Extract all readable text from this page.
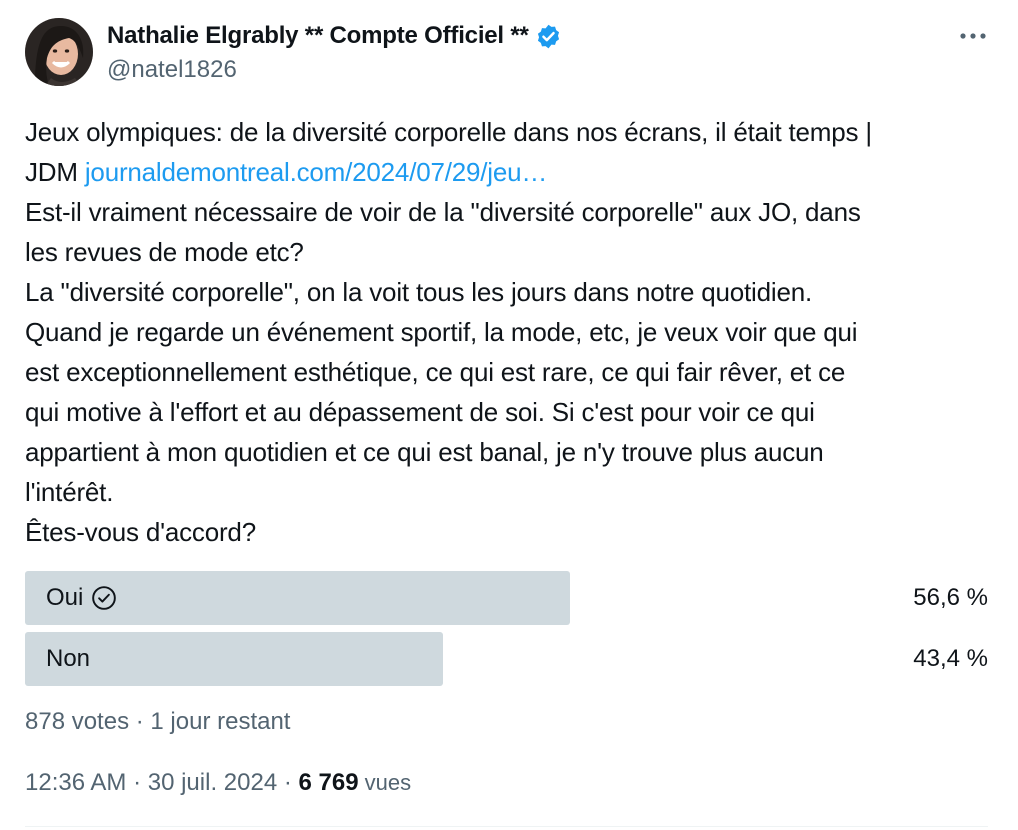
Nathalie Elgrably ** Compte Officiel **
@natel1826
Jeux olympiques: de la diversité corporelle dans nos écrans, il était temps |
JDM journaldemontreal.com/2024/07/29/jeu…
Est-il vraiment nécessaire de voir de la "diversité corporelle" aux JO, dans
les revues de mode etc?
La "diversité corporelle", on la voit tous les jours dans notre quotidien.
Quand je regarde un événement sportif, la mode, etc, je veux voir que qui
est exceptionnellement esthétique, ce qui est rare, ce qui fair rêver, et ce
qui motive à l'effort et au dépassement de soi. Si c'est pour voir ce qui
appartient à mon quotidien et ce qui est banal, je n'y trouve plus aucun
l'intérêt.
Êtes-vous d'accord?
Oui	56,6 %
Non	43,4 %
878 votes · 1 jour restant
12:36 AM · 30 juil. 2024 · 6 769 vues
